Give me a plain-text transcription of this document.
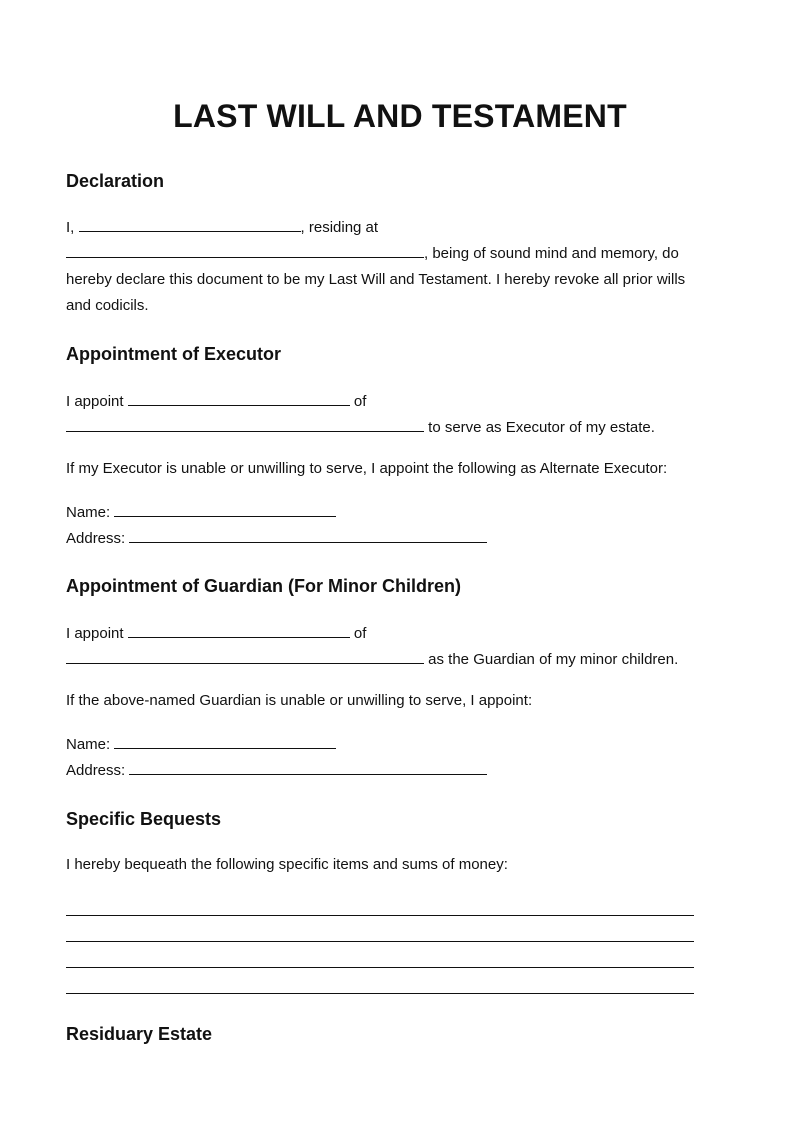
LAST WILL AND TESTAMENT
Declaration
I,	, residing at
, being of sound mind and memory, do
hereby declare this document to be my Last Will and Testament. I hereby revoke all prior wills
and codicils.
Appointment of Executor
I appoint	of
to serve as Executor of my estate.
If my Executor is unable or unwilling to serve, I appoint the following as Alternate Executor:
Name:
Address:
Appointment of Guardian (For Minor Children)
I appoint	of
as the Guardian of my minor children.
If the above-named Guardian is unable or unwilling to serve, I appoint:
Name:
Address:
Specific Bequests
I hereby bequeath the following specific items and sums of money:
Residuary Estate
